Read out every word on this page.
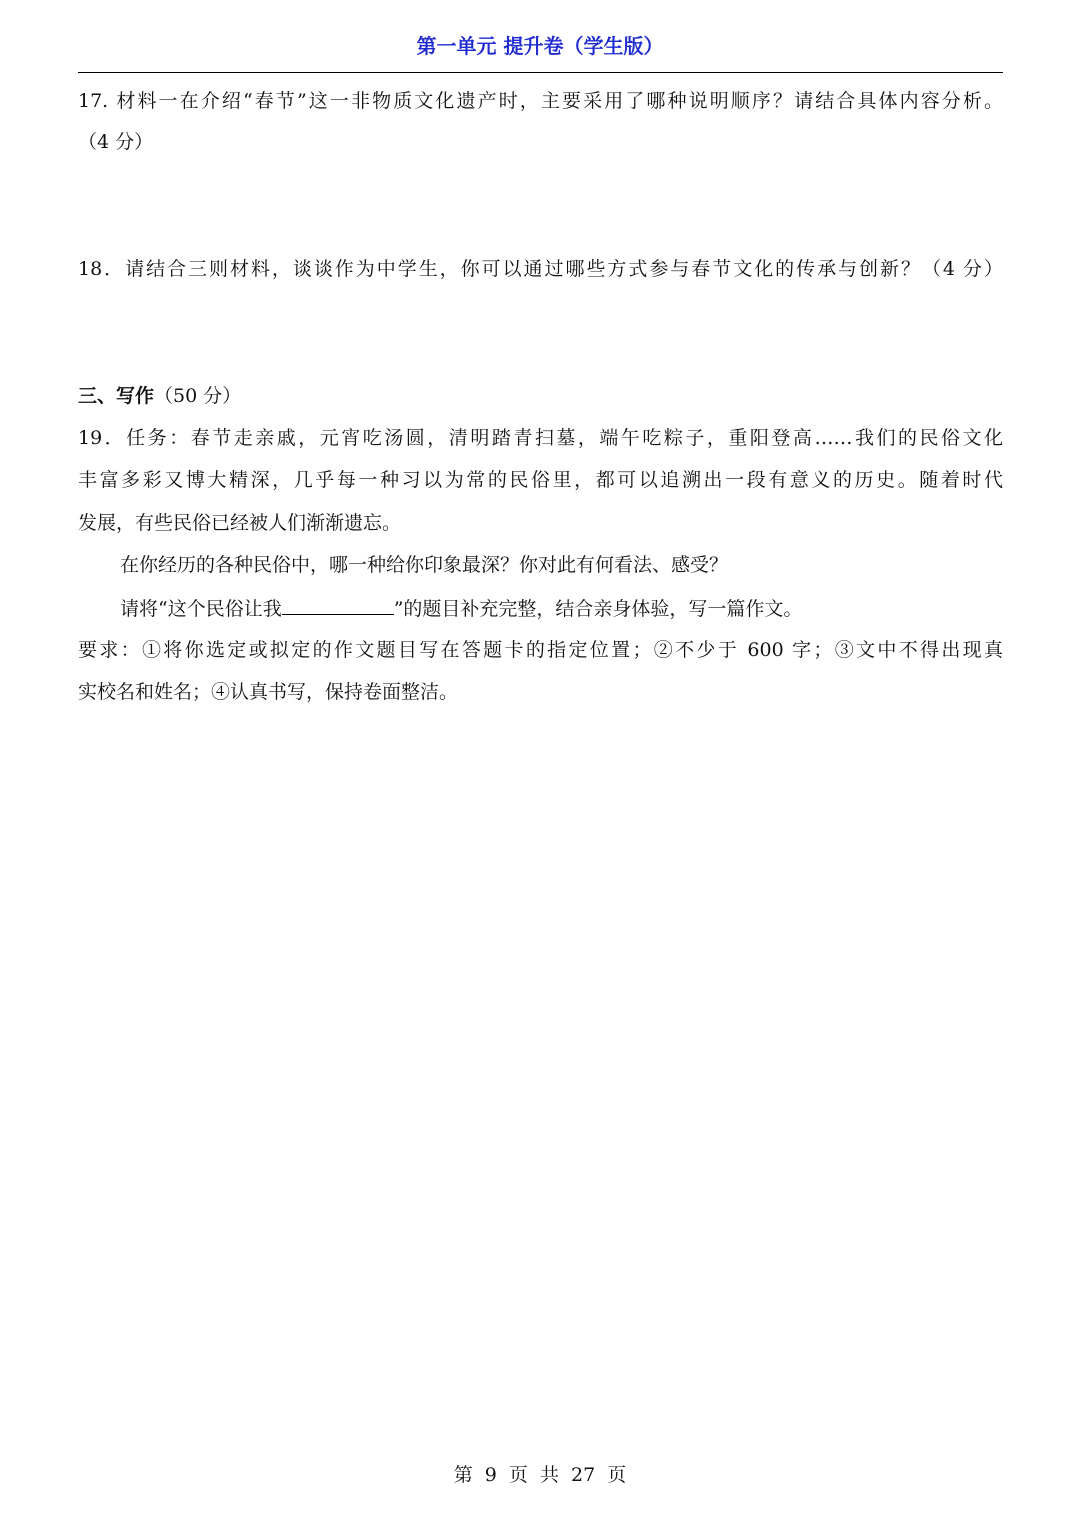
第一单元 提升卷（学生版）
17. 材料一在介绍“春节”这一非物质文化遗产时，主要采用了哪种说明顺序？请结合具体内容分析。
（4 分）
18．请结合三则材料，谈谈作为中学生，你可以通过哪些方式参与春节文化的传承与创新？（4 分）
三、写作（50 分）
19．任务：春节走亲戚，元宵吃汤圆，清明踏青扫墓，端午吃粽子，重阳登高……我们的民俗文化
丰富多彩又博大精深，几乎每一种习以为常的民俗里，都可以追溯出一段有意义的历史。随着时代
发展，有些民俗已经被人们渐渐遗忘。
在你经历的各种民俗中，哪一种给你印象最深？你对此有何看法、感受？
请将“这个民俗让我	”的题目补充完整，结合亲身体验，写一篇作文。
要求：①将你选定或拟定的作文题目写在答题卡的指定位置；②不少于 600 字；③文中不得出现真
实校名和姓名；④认真书写，保持卷面整洁。
第 9 页 共 27 页
